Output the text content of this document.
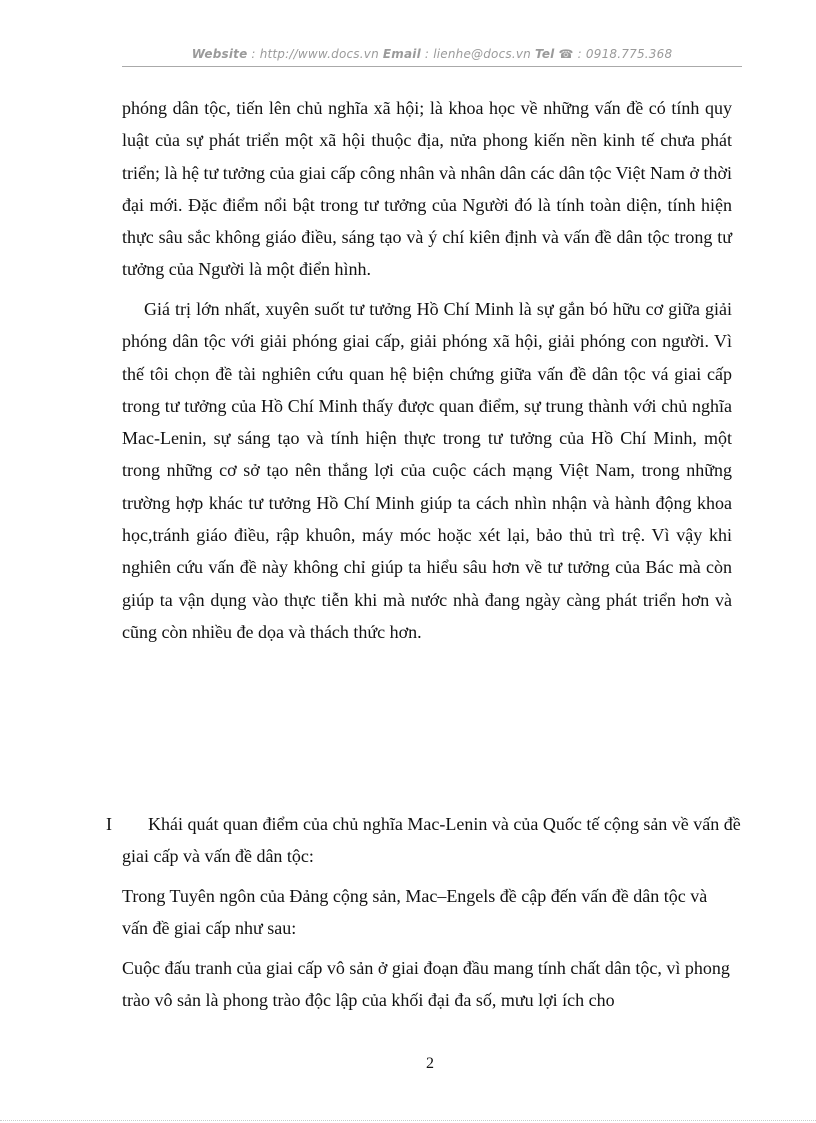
Website : http://www.docs.vn Email : lienhe@docs.vn Tel ☎ : 0918.775.368

phóng dân tộc, tiến lên chủ nghĩa xã hội; là khoa học về những vấn đề có tính quy luật của sự phát triển một xã hội thuộc địa, nửa phong kiến nền kinh tế chưa phát triển; là hệ tư tưởng của giai cấp công nhân và nhân dân các dân tộc Việt Nam ở thời đại mới. Đặc điểm nổi bật trong tư tưởng của Người đó là tính toàn diện, tính hiện thực sâu sắc không giáo điều, sáng tạo và ý chí kiên định và vấn đề dân tộc trong tư tưởng của Người là một điển hình.

Giá trị lớn nhất, xuyên suốt tư tưởng Hồ Chí Minh là sự gắn bó hữu cơ giữa giải phóng dân tộc với giải phóng giai cấp, giải phóng xã hội, giải phóng con người. Vì thế tôi chọn đề tài nghiên cứu quan hệ biện chứng giữa vấn đề dân tộc vá giai cấp trong tư tưởng của Hồ Chí Minh thấy được quan điểm, sự trung thành với chủ nghĩa Mac-Lenin, sự sáng tạo và tính hiện thực trong tư tưởng của Hồ Chí Minh, một trong những cơ sở tạo nên thắng lợi của cuộc cách mạng Việt Nam, trong những trường hợp khác tư tưởng Hồ Chí Minh giúp ta cách nhìn nhận và hành động khoa học,tránh giáo điều, rập khuôn, máy móc hoặc xét lại, bảo thủ trì trệ. Vì vậy khi nghiên cứu vấn đề này không chỉ giúp ta hiểu sâu hơn về tư tưởng của Bác mà còn giúp ta vận dụng vào thực tiễn khi mà nước nhà đang ngày càng phát triển hơn và cũng còn nhiều đe dọa và thách thức hơn.

I	Khái quát quan điểm của chủ nghĩa Mac-Lenin và của Quốc tế cộng sản về vấn đề giai cấp và vấn đề dân tộc:

Trong Tuyên ngôn của Đảng cộng sản, Mac–Engels đề cập đến vấn đề dân tộc và vấn đề giai cấp như sau:

Cuộc đấu tranh của giai cấp vô sản ở giai đoạn đầu mang tính chất dân tộc, vì phong trào vô sản là phong trào độc lập của khối đại đa số, mưu lợi ích cho

2
